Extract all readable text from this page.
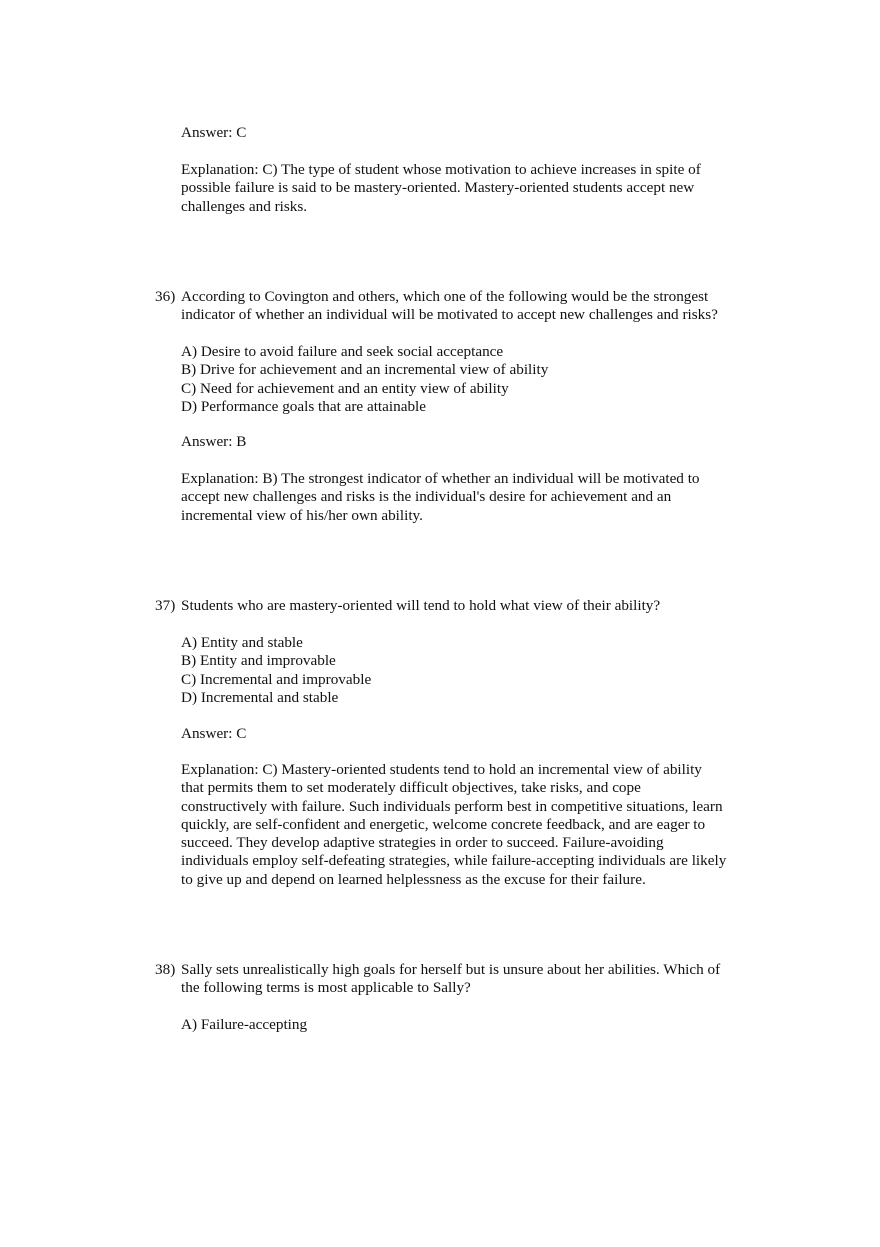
Answer: C
Explanation: C) The type of student whose motivation to achieve increases in spite of
possible failure is said to be mastery-oriented. Mastery-oriented students accept new
challenges and risks.
36) According to Covington and others, which one of the following would be the strongest
indicator of whether an individual will be motivated to accept new challenges and risks?
A) Desire to avoid failure and seek social acceptance
B) Drive for achievement and an incremental view of ability
C) Need for achievement and an entity view of ability
D) Performance goals that are attainable
Answer: B
Explanation: B) The strongest indicator of whether an individual will be motivated to
accept new challenges and risks is the individual's desire for achievement and an
incremental view of his/her own ability.
37) Students who are mastery-oriented will tend to hold what view of their ability?
A) Entity and stable
B) Entity and improvable
C) Incremental and improvable
D) Incremental and stable
Answer: C
Explanation: C) Mastery-oriented students tend to hold an incremental view of ability
that permits them to set moderately difficult objectives, take risks, and cope
constructively with failure. Such individuals perform best in competitive situations, learn
quickly, are self-confident and energetic, welcome concrete feedback, and are eager to
succeed. They develop adaptive strategies in order to succeed. Failure-avoiding
individuals employ self-defeating strategies, while failure-accepting individuals are likely
to give up and depend on learned helplessness as the excuse for their failure.
38) Sally sets unrealistically high goals for herself but is unsure about her abilities. Which of
the following terms is most applicable to Sally?
A) Failure-accepting
